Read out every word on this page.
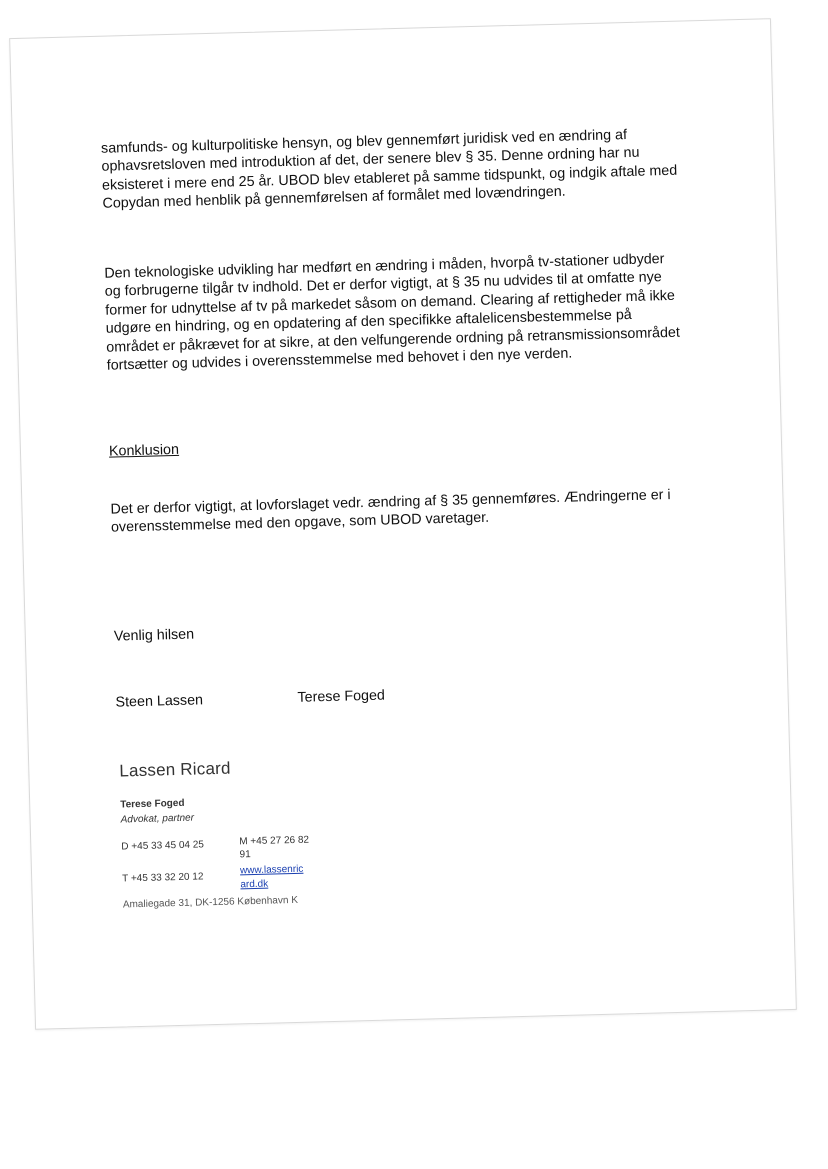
samfunds- og kulturpolitiske hensyn, og blev gennemført juridisk ved en ændring af ophavsretsloven med introduktion af det, der senere blev § 35. Denne ordning har nu eksisteret i mere end 25 år. UBOD blev etableret på samme tidspunkt, og indgik aftale med Copydan med henblik på gennemførelsen af formålet med lovændringen.

Den teknologiske udvikling har medført en ændring i måden, hvorpå tv-stationer udbyder og forbrugerne tilgår tv indhold. Det er derfor vigtigt, at § 35 nu udvides til at omfatte nye former for udnyttelse af tv på markedet såsom on demand. Clearing af rettigheder må ikke udgøre en hindring, og en opdatering af den specifikke aftalelicensbestemmelse på området er påkrævet for at sikre, at den velfungerende ordning på retransmissionsområdet fortsætter og udvides i overensstemmelse med behovet i den nye verden.

Konklusion

Det er derfor vigtigt, at lovforslaget vedr. ændring af § 35 gennemføres. Ændringerne er i overensstemmelse med den opgave, som UBOD varetager.

Venlig hilsen
Steen Lassen	Terese Foged
Lassen Ricard
Terese Foged
Advokat, partner
D +45 33 45 04 25	M +45 27 26 82 91
T +45 33 32 20 12
www.lassenricard.dk
Amaliegade 31, DK-1256 København K
